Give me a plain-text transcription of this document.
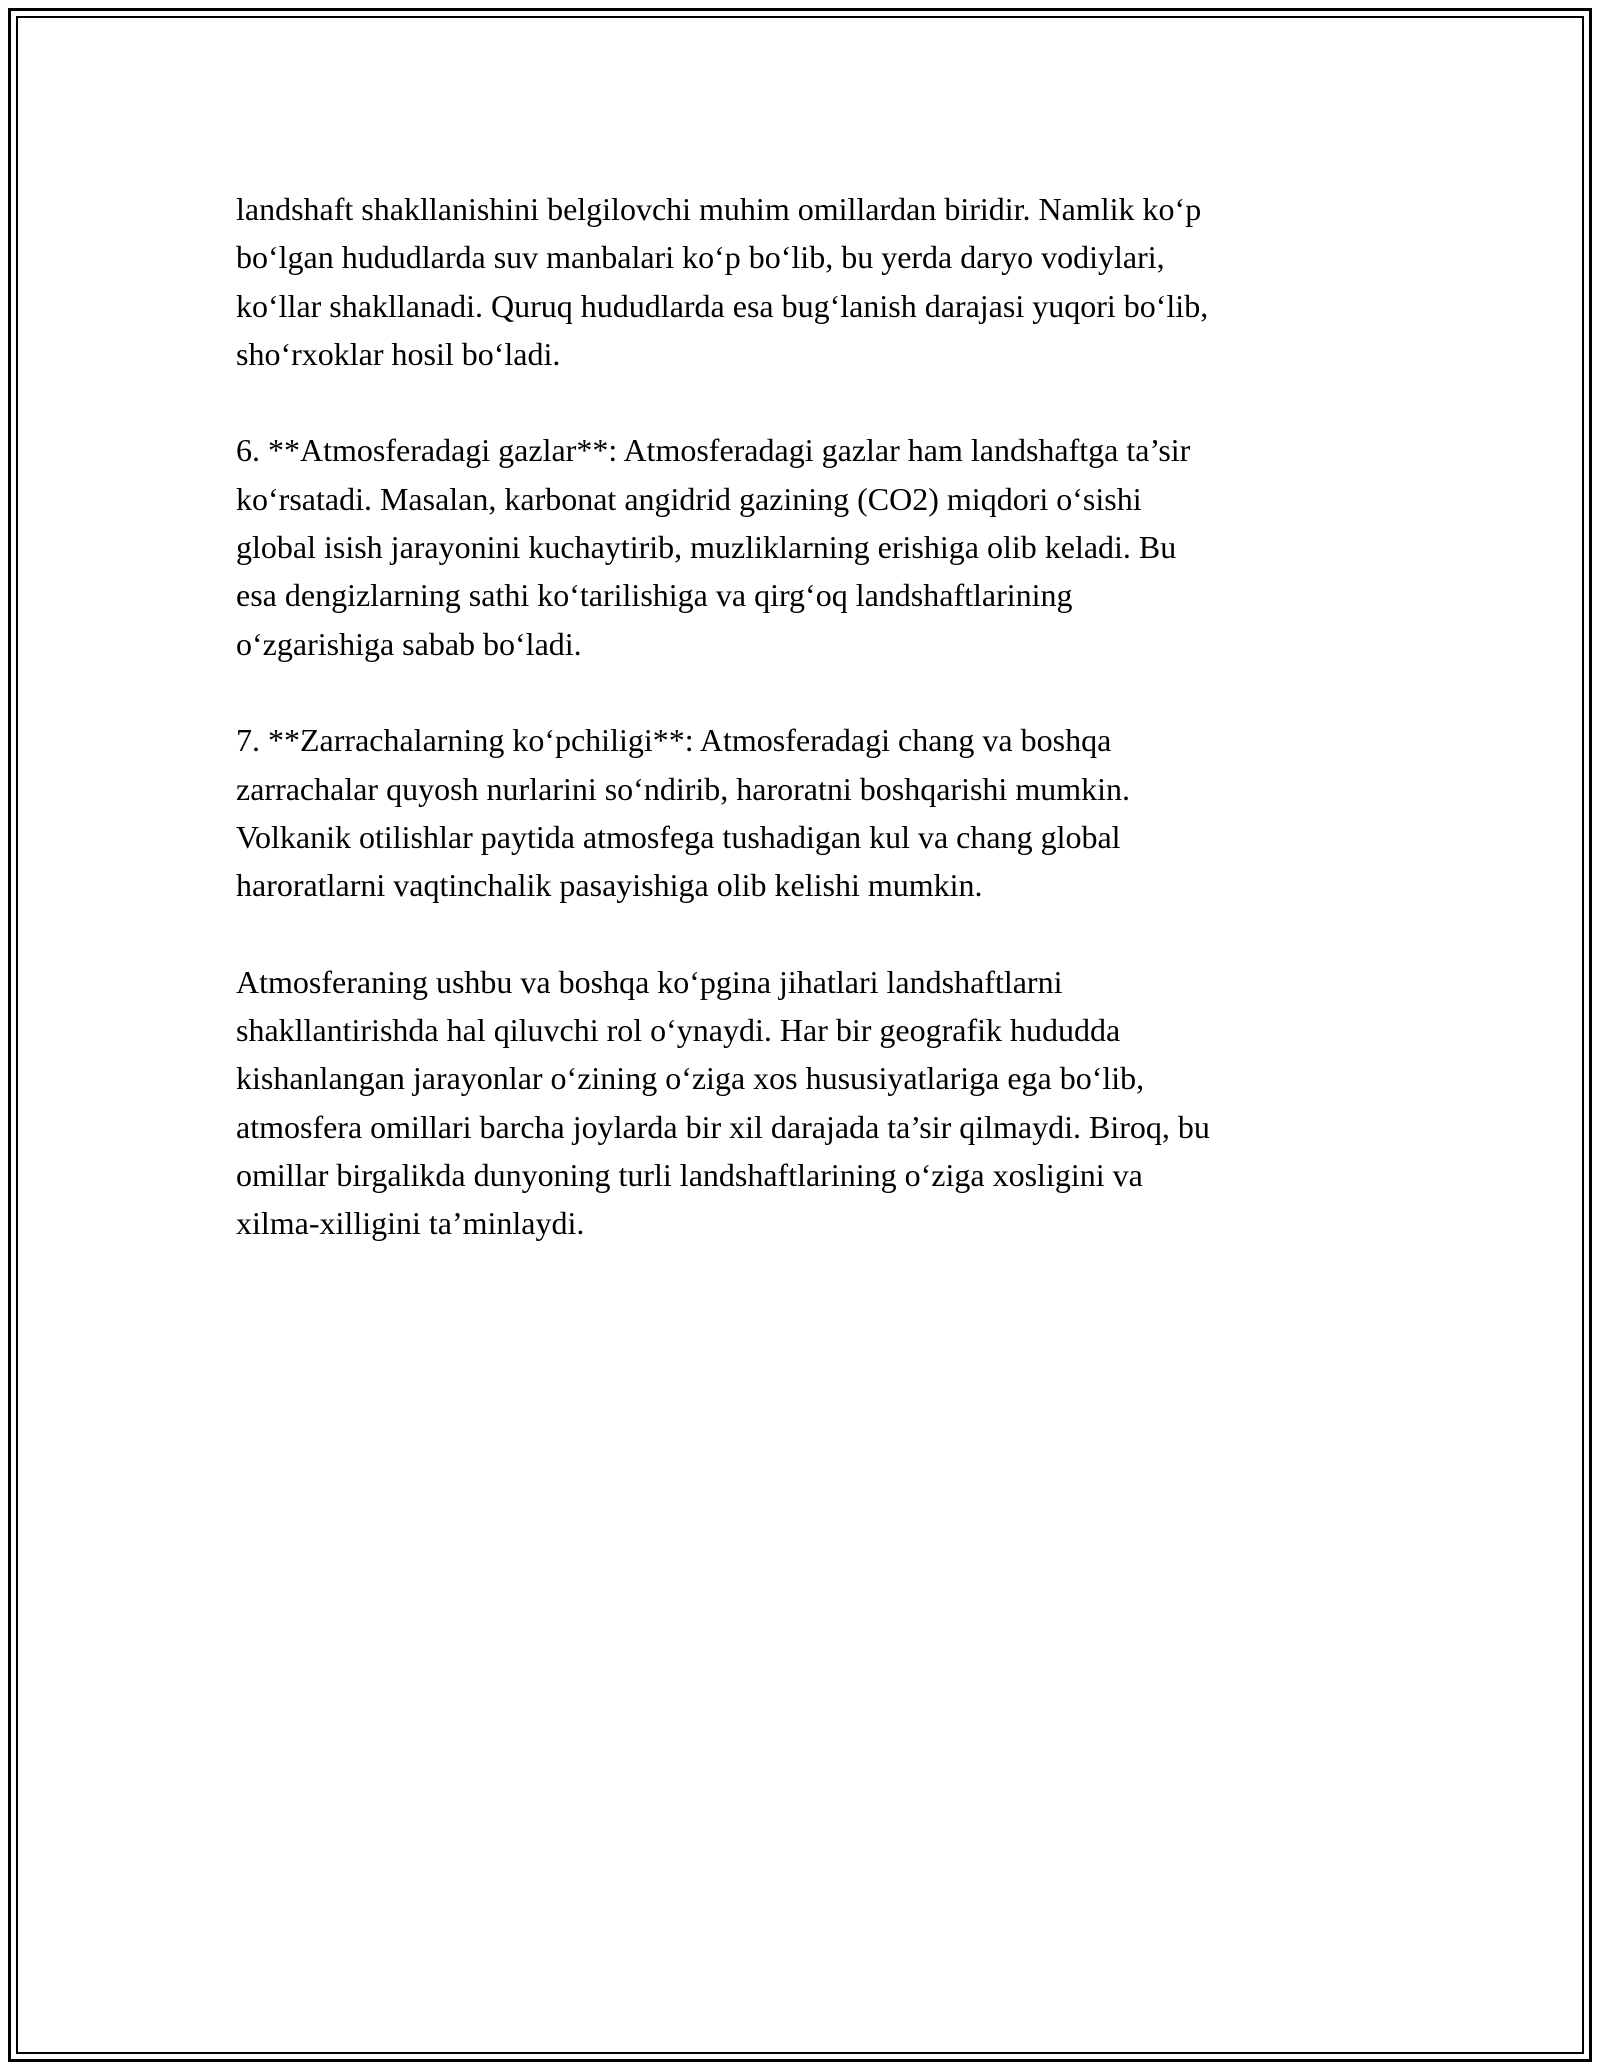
landshaft shakllanishini belgilovchi muhim omillardan biridir. Namlik ko‘p
bo‘lgan hududlarda suv manbalari ko‘p bo‘lib, bu yerda daryo vodiylari,
ko‘llar shakllanadi. Quruq hududlarda esa bug‘lanish darajasi yuqori bo‘lib,
sho‘rxoklar hosil bo‘ladi.

6. **Atmosferadagi gazlar**: Atmosferadagi gazlar ham landshaftga ta’sir
ko‘rsatadi. Masalan, karbonat angidrid gazining (CO2) miqdori o‘sishi
global isish jarayonini kuchaytirib, muzliklarning erishiga olib keladi. Bu
esa dengizlarning sathi ko‘tarilishiga va qirg‘oq landshaftlarining
o‘zgarishiga sabab bo‘ladi.

7. **Zarrachalarning ko‘pchiligi**: Atmosferadagi chang va boshqa
zarrachalar quyosh nurlarini so‘ndirib, haroratni boshqarishi mumkin.
Volkanik otilishlar paytida atmosfega tushadigan kul va chang global
haroratlarni vaqtinchalik pasayishiga olib kelishi mumkin.

Atmosferaning ushbu va boshqa ko‘pgina jihatlari landshaftlarni
shakllantirishda hal qiluvchi rol o‘ynaydi. Har bir geografik hududda
kishanlangan jarayonlar o‘zining o‘ziga xos hususiyatlariga ega bo‘lib,
atmosfera omillari barcha joylarda bir xil darajada ta’sir qilmaydi. Biroq, bu
omillar birgalikda dunyoning turli landshaftlarining o‘ziga xosligini va
xilma-xilligini ta’minlaydi.
